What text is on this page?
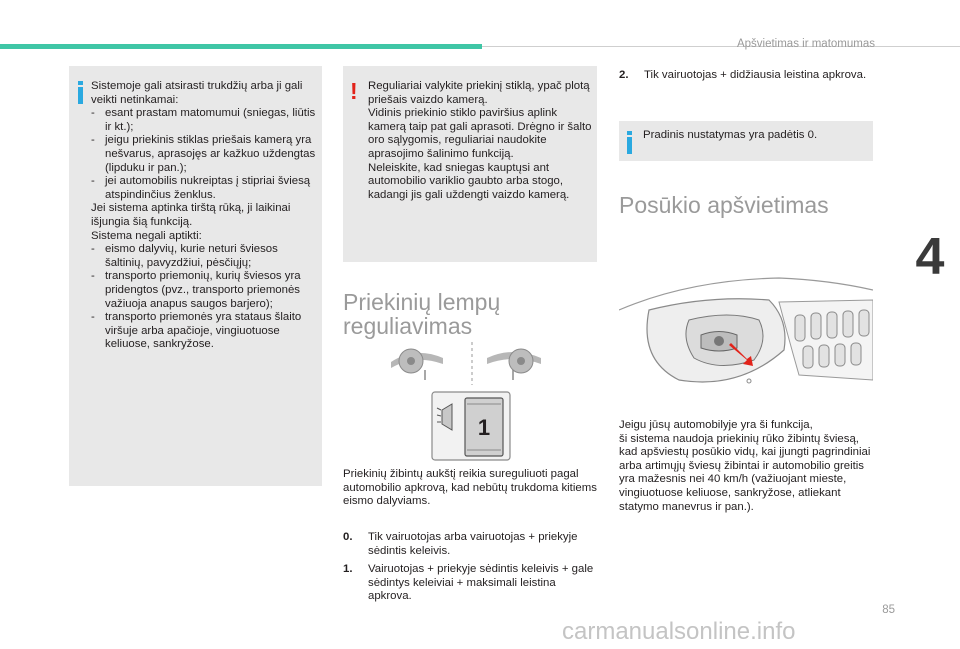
Apšvietimas ir matomumas
4

Sistemoje gali atsirasti trukdžių arba ji gali veikti netinkamai:

- esant prastam matomumui (sniegas, liūtis ir kt.);
- jeigu priekinis stiklas priešais kamerą yra nešvarus, aprasojęs ar kažkuo uždengtas (lipduku ir pan.);
- jei automobilis nukreiptas į stipriai šviesą atspindinčius ženklus.

Jei sistema aptinka tirštą rūką, ji laikinai išjungia šią funkciją.

Sistema negali aptikti:

- eismo dalyvių, kurie neturi šviesos šaltinių, pavyzdžiui, pėsčiųjų;
- transporto priemonių, kurių šviesos yra pridengtos (pvz., transporto priemonės važiuoja anapus saugos barjero);
- transporto priemonės yra stataus šlaito viršuje arba apačioje, vingiuotuose keliuose, sankryžose.
! Reguliariai valykite priekinį stiklą, ypač plotą priešais vaizdo kamerą.

Vidinis priekinio stiklo paviršius aplink kamerą taip pat gali aprasoti. Drėgno ir šalto oro sąlygomis, reguliariai naudokite aprasojimo šalinimo funkciją.

Neleiskite, kad sniegas kauptųsi ant automobilio variklio gaubto arba stogo, kadangi jis gali uždengti vaizdo kamerą.

Priekinių lempų
reguliavimas
1

Priekinių žibintų aukštį reikia sureguliuoti pagal automobilio apkrovą, kad nebūtų trukdoma kitiems eismo dalyviams.

0.	Tik vairuotojas arba vairuotojas + priekyje sėdintis keleivis.
1.	Vairuotojas + priekyje sėdintis keleivis + gale sėdintys keleiviai + maksimali leistina apkrova.
2.	Tik vairuotojas + didžiausia leistina apkrova.
Pradinis nustatymas yra padėtis 0.
Posūkio apšvietimas

Jeigu jūsų automobilyje yra ši funkcija,
ši sistema naudoja priekinių rūko žibintų šviesą, kad apšviestų posūkio vidų, kai įjungti pagrindiniai arba artimųjų šviesų žibintai ir automobilio greitis yra mažesnis nei 40 km/h (važiuojant mieste, vingiuotuose keliuose, sankryžose, atliekant statymo manevrus ir pan.).

85
carmanualsonline.info
